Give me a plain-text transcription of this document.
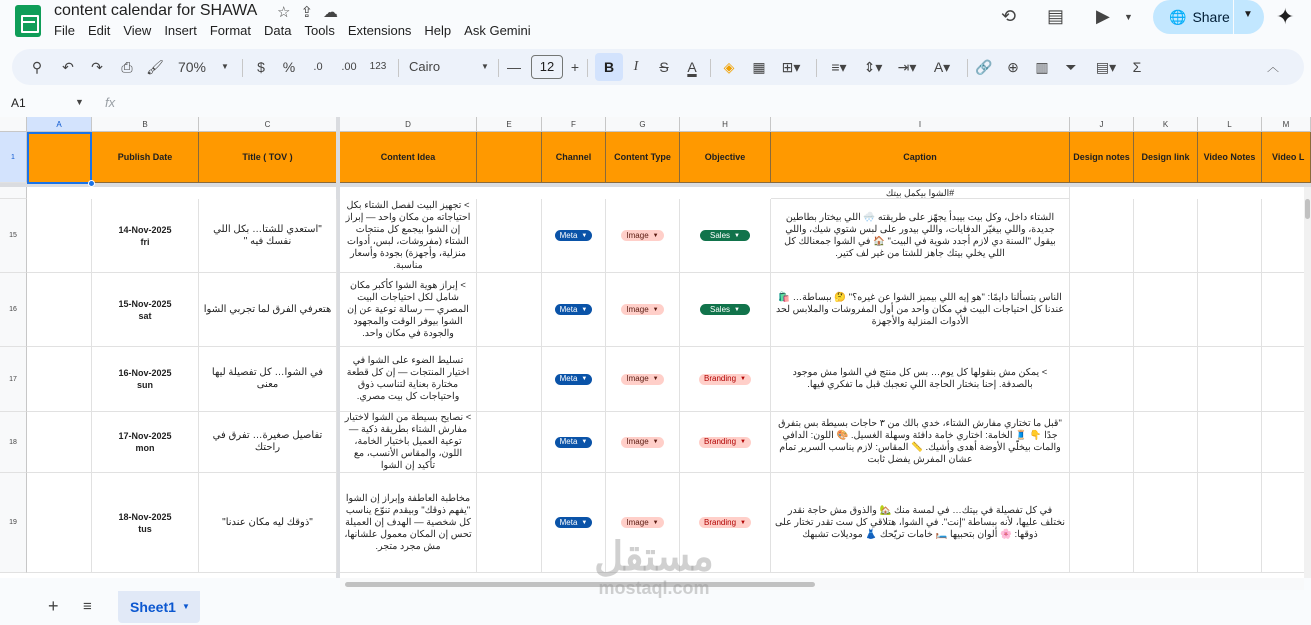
content calendar for SHAWA ☆ ⇪ ☁
File	Edit	View	Insert	Format	Data	Tools	Extensions	Help	Ask Gemini
⟲ ▤ ▶ ▼	🌐 Share ▼ ✦
⚲	↶	↷	⎙ 🖌	70%	▼	$	%	.0	.00	123 Cairo	▼ —	12	+	B	I	S	A	◈	▦	⊞▾	≡▾	⇕▾	⇥▾	A▾	🔗	⊕	▥	⏷	▤▾	Σ	︿
A1	▼ fx
A	B	C	D	E	F	G	H	I	J	K	L	M
1	Publish Date	Title ( TOV )	Content Idea	Channel	Content Type	Objective	Caption	Design notes	Design link	Video Notes	Video L
#الشوا بيكمل بيتك
15
14-Nov-2025
fri
"استعدي للشتا… بكل اللي نفسك فيه "
> تجهيز البيت لفصل الشتاء بكل احتياجاته من مكان واحد — إبراز إن الشوا بيجمع كل منتجات الشتاء (مفروشات، لبس، أدوات منزلية، وأجهزة) بجودة وأسعار مناسبة.
Meta ▼	Image ▼	Sales ▼
الشتاء داخل، وكل بيت بيبدأ يجهّز على طريقته 🌨️ اللي بيختار بطاطين جديدة، واللي بيغيّر الدفايات، واللي بيدور على لبس شتوي شيك، واللي بيقول "السنة دي لازم أجدد شوية في البيت" 🏠 في الشوا جمعنالك كل اللي يخلي بيتك جاهز للشتا من غير لف كتير.
16
15-Nov-2025
sat
هتعرفي الفرق لما تجربي الشوا
> إبراز هوية الشوا كأكبر مكان شامل لكل احتياجات البيت المصري — رسالة توعية عن إن الشوا بيوفر الوقت والمجهود والجودة في مكان واحد.
Meta ▼	Image ▼	Sales ▼
الناس بتسألنا دايمًا: "هو إيه اللي بيميز الشوا عن غيره؟" 🤔 ببساطة… 🛍️ عندنا كل احتياجات البيت في مكان واحد من أول المفروشات والملابس لحد الأدوات المنزلية والأجهزة
17
16-Nov-2025
sun
في الشوا… كل تفصيلة ليها معنى
تسليط الضوء على الشوا في اختيار المنتجات — إن كل قطعة مختارة بعناية لتناسب ذوق واحتياجات كل بيت مصري.
Meta ▼	Image ▼	Branding ▼
> يمكن مش بنقولها كل يوم… بس كل منتج في الشوا مش موجود بالصدفة. إحنا بنختار الحاجة اللي تعجبك قبل ما تفكري فيها.
18
17-Nov-2025
mon
تفاصيل صغيرة… تفرق في راحتك
> نصايح بسيطة من الشوا لاختيار مفارش الشتاء بطريقة ذكية — توعية العميل باختيار الخامة، اللون، والمقاس الأنسب، مع تأكيد إن الشوا
Meta ▼	Image ▼	Branding ▼
"قبل ما تختاري مفارش الشتاء، خدي بالك من ٣ حاجات بسيطة بس بتفرق جدًا 👇 🧵 الخامة: اختاري خامة دافئة وسهلة الغسيل. 🎨 اللون: الدافي والمات بيخلّي الأوضة أهدى وأشيك. 📏 المقاس: لازم يناسب السرير تمام عشان المفرش يفضل ثابت
19
18-Nov-2025
tus
"ذوقك ليه مكان عندنا"
مخاطبة العاطفة وإبراز إن الشوا "يفهم ذوقك" وبيقدم تنوّع يناسب كل شخصية — الهدف إن العميلة تحس إن المكان معمول علشانها، مش مجرد متجر.
Meta ▼	Image ▼	Branding ▼
في كل تفصيلة في بيتك… في لمسة منك 🏡 والذوق مش حاجة نقدر نختلف عليها، لأنه ببساطة "إنت". في الشوا، هتلاقي كل ست تقدر تختار على ذوقها: 🌸 ألوان بتحبيها 🛏️ خامات تريّحك 👗 موديلات تشبهك
+ ≡	Sheet1 ▼
مستقل
mostaql.com
